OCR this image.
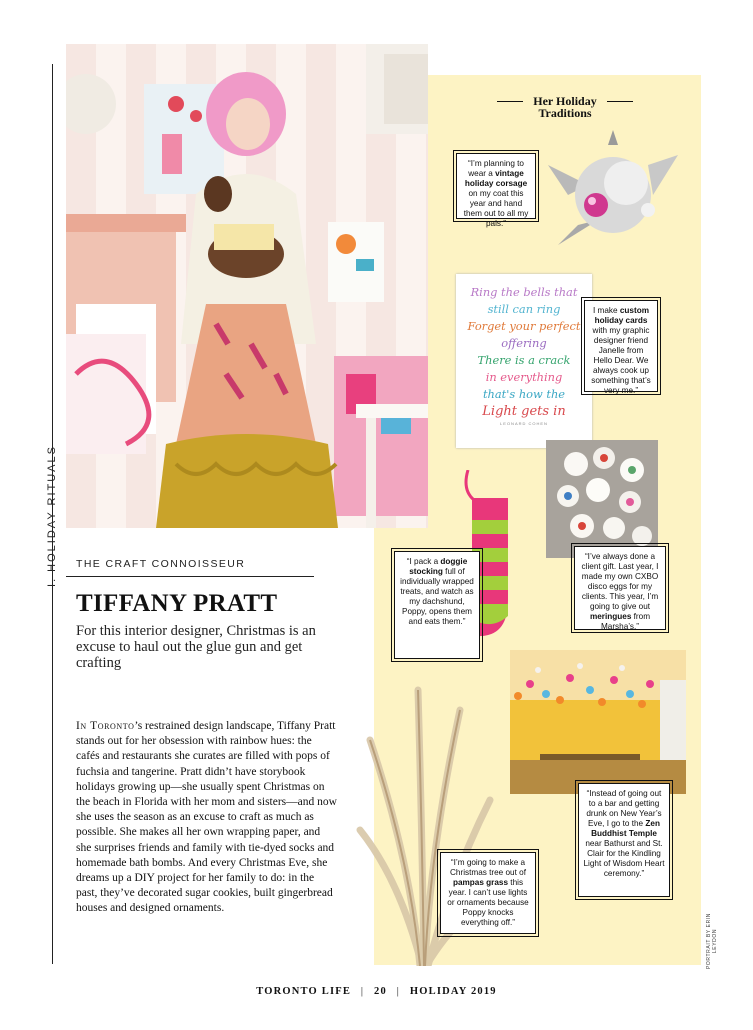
I. HOLIDAY RITUALS THE CRAFT CONNOISSEUR
TIFFANY PRATT
For this interior designer, Christmas is an excuse to haul out the glue gun and get crafting
In Toronto’s restrained design landscape, Tiffany Pratt stands out for her obsession with rainbow hues: the cafés and restaurants she curates are filled with pops of fuchsia and tangerine. Pratt didn’t have storybook holidays growing up—she usually spent Christmas on the beach in Florida with her mom and sisters—and now she uses the season as an excuse to craft as much as possible. She makes all her own wrapping paper, and she surprises friends and family with tie-dyed socks and homemade bath bombs. And every Christmas Eve, she dreams up a DIY project for her family to do: in the past, they’ve decorated sugar cookies, built gingerbread houses and designed ornaments.
Her Holiday
Traditions
“I’m planning to wear a vintage holiday corsage on my coat this year and hand them out to all my pals.”
Ring the bells that
still can ring
Forget your perfect
offering
There is a crack
in everything
that's how the
Light gets in
LEONARD COHEN
I make custom holiday cards with my graphic designer friend Janelle from Hello Dear. We always cook up something that’s very me.”
“I’ve always done a client gift. Last year, I made my own CXBO disco eggs for my clients. This year, I’m going to give out meringues from Marsha’s.”
“I pack a doggie stocking full of individually wrapped treats, and watch as my dachshund, Poppy, opens them and eats them.”
“Instead of going out to a bar and getting drunk on New Year’s Eve, I go to the Zen Buddhist Temple near Bathurst and St. Clair for the Kindling Light of Wisdom Heart ceremony.”
“I’m going to make a Christmas tree out of pampas grass this year. I can’t use lights or ornaments because Poppy knocks everything off.”	PORTRAIT BY ERIN LEYDON
TORONTO LIFE | 20 | HOLIDAY 2019
